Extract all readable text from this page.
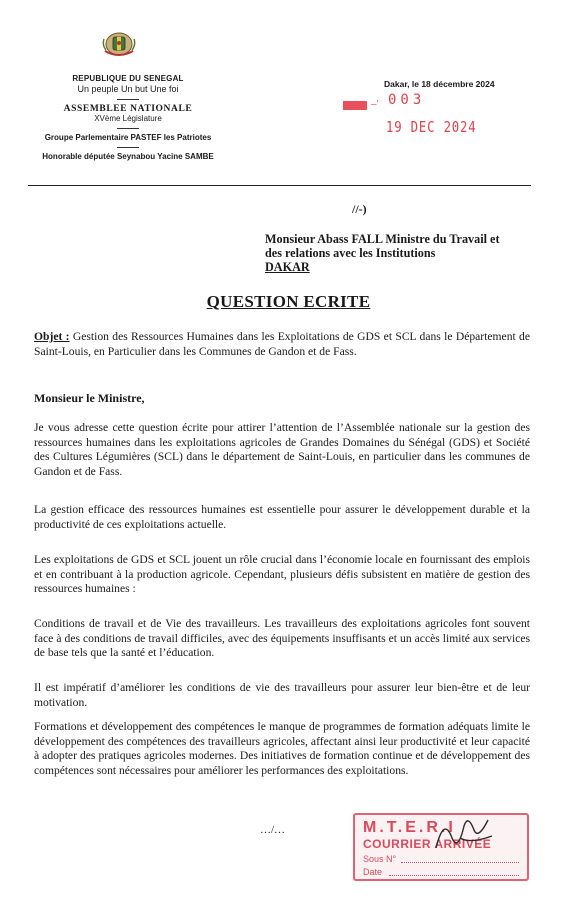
REPUBLIQUE DU SENEGAL
Un peuple Un but Une foi
ASSEMBLEE NATIONALE
XVème Législature
Groupe Parlementaire PASTEF les Patriotes
Honorable députée Seynabou Yacine SAMBE
Dakar, le 18 décembre 2024
–' 003
19 DEC 2024
//-)
Monsieur Abass FALL Ministre du Travail et
des relations avec les Institutions
DAKAR
QUESTION ECRITE
Objet : Gestion des Ressources Humaines dans les Exploitations de GDS et SCL dans le Département de Saint-Louis, en Particulier dans les Communes de Gandon et de Fass.
Monsieur le Ministre,
Je vous adresse cette question écrite pour attirer l’attention de l’Assemblée nationale sur la gestion des ressources humaines dans les exploitations agricoles de Grandes Domaines du Sénégal (GDS) et Société des Cultures Légumières (SCL) dans le département de Saint-Louis, en particulier dans les communes de Gandon et de Fass.
La gestion efficace des ressources humaines est essentielle pour assurer le développement durable et la productivité de ces exploitations actuelle.
Les exploitations de GDS et SCL jouent un rôle crucial dans l’économie locale en fournissant des emplois et en contribuant à la production agricole. Cependant, plusieurs défis subsistent en matière de gestion des ressources humaines :
Conditions de travail et de Vie des travailleurs. Les travailleurs des exploitations agricoles font souvent face à des conditions de travail difficiles, avec des équipements insuffisants et un accès limité aux services de base tels que la santé et l’éducation.
Il est impératif d’améliorer les conditions de vie des travailleurs pour assurer leur bien-être et de leur motivation.
Formations et développement des compétences le manque de programmes de formation adéquats limite le développement des compétences des travailleurs agricoles, affectant ainsi leur productivité et leur capacité à adopter des pratiques agricoles modernes. Des initiatives de formation continue et de développement des compétences sont nécessaires pour améliorer les performances des exploitations.
…/…	M.T.E.R.I
COURRIER ARRIVÉE
Sous N°
Date
